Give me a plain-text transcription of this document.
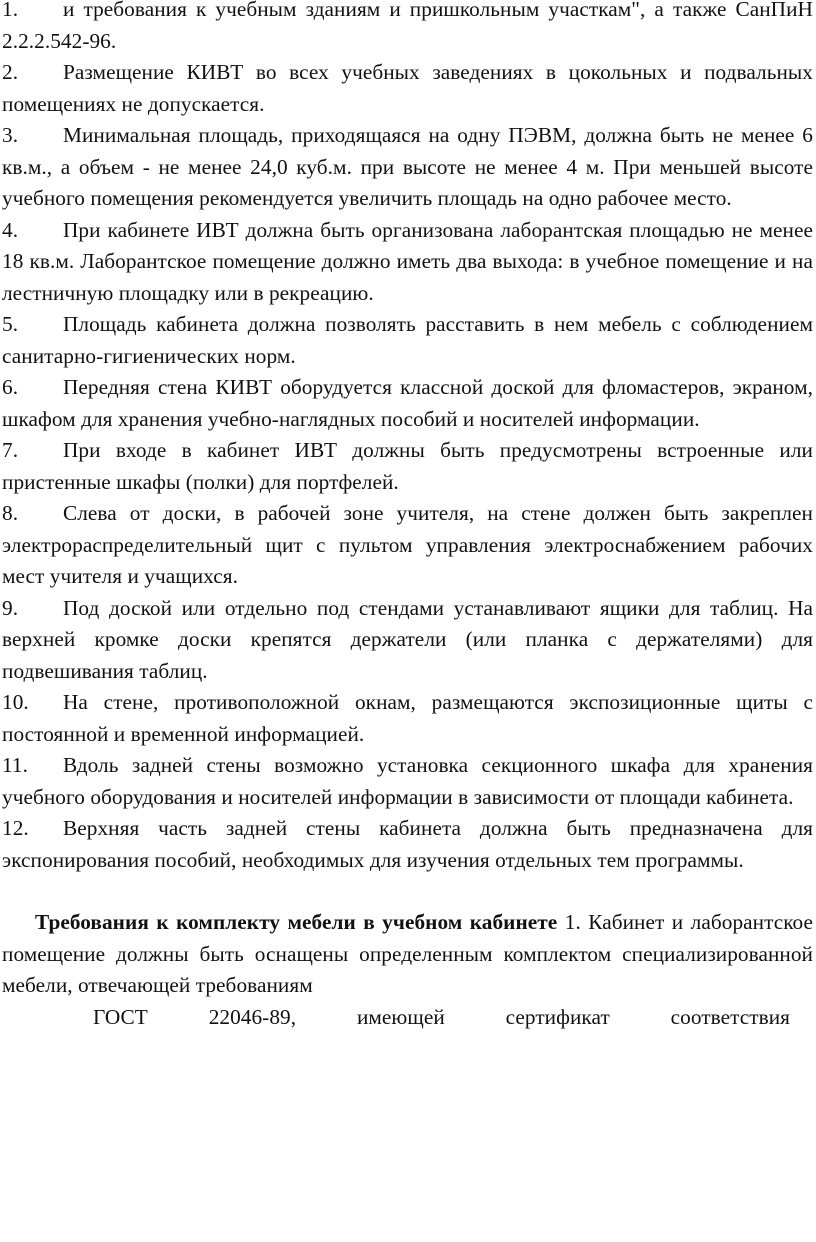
1. и требования к учебным зданиям и пришкольным участкам", а также СанПиН 2.2.2.542-96.
2. Размещение КИВТ во всех учебных заведениях в цокольных и подвальных помещениях не допускается.
3. Минимальная площадь, приходящаяся на одну ПЭВМ, должна быть не менее 6 кв.м., а объем - не менее 24,0 куб.м. при высоте не менее 4 м. При меньшей высоте учебного помещения рекомендуется увеличить площадь на одно рабочее место.
4. При кабинете ИВТ должна быть организована лаборантская площадью не менее 18 кв.м. Лаборантское помещение должно иметь два выхода: в учебное помещение и на лестничную площадку или в рекреацию.
5. Площадь кабинета должна позволять расставить в нем мебель с соблюдением санитарно-гигиенических норм.
6. Передняя стена КИВТ оборудуется классной доской для фломастеров, экраном, шкафом для хранения учебно-наглядных пособий и носителей информации.
7. При входе в кабинет ИВТ должны быть предусмотрены встроенные или пристенные шкафы (полки) для портфелей.
8. Слева от доски, в рабочей зоне учителя, на стене должен быть закреплен электрораспределительный щит с пультом управления электроснабжением рабочих мест учителя и учащихся.
9. Под доской или отдельно под стендами устанавливают ящики для таблиц. На верхней кромке доски крепятся держатели (или планка с держателями) для подвешивания таблиц.
10. На стене, противоположной окнам, размещаются экспозиционные щиты с постоянной и временной информацией.
11. Вдоль задней стены возможно установка секционного шкафа для хранения учебного оборудования и носителей информации в зависимости от площади кабинета.
12. Верхняя часть задней стены кабинета должна быть предназначена для экспонирования пособий, необходимых для изучения отдельных тем программы.
Требования к комплекту мебели в учебном кабинете 1. Кабинет и лаборантское помещение должны быть оснащены определенным комплектом специализированной мебели, отвечающей требованиям
ГОСТ 22046-89, имеющей сертификат соответствия
